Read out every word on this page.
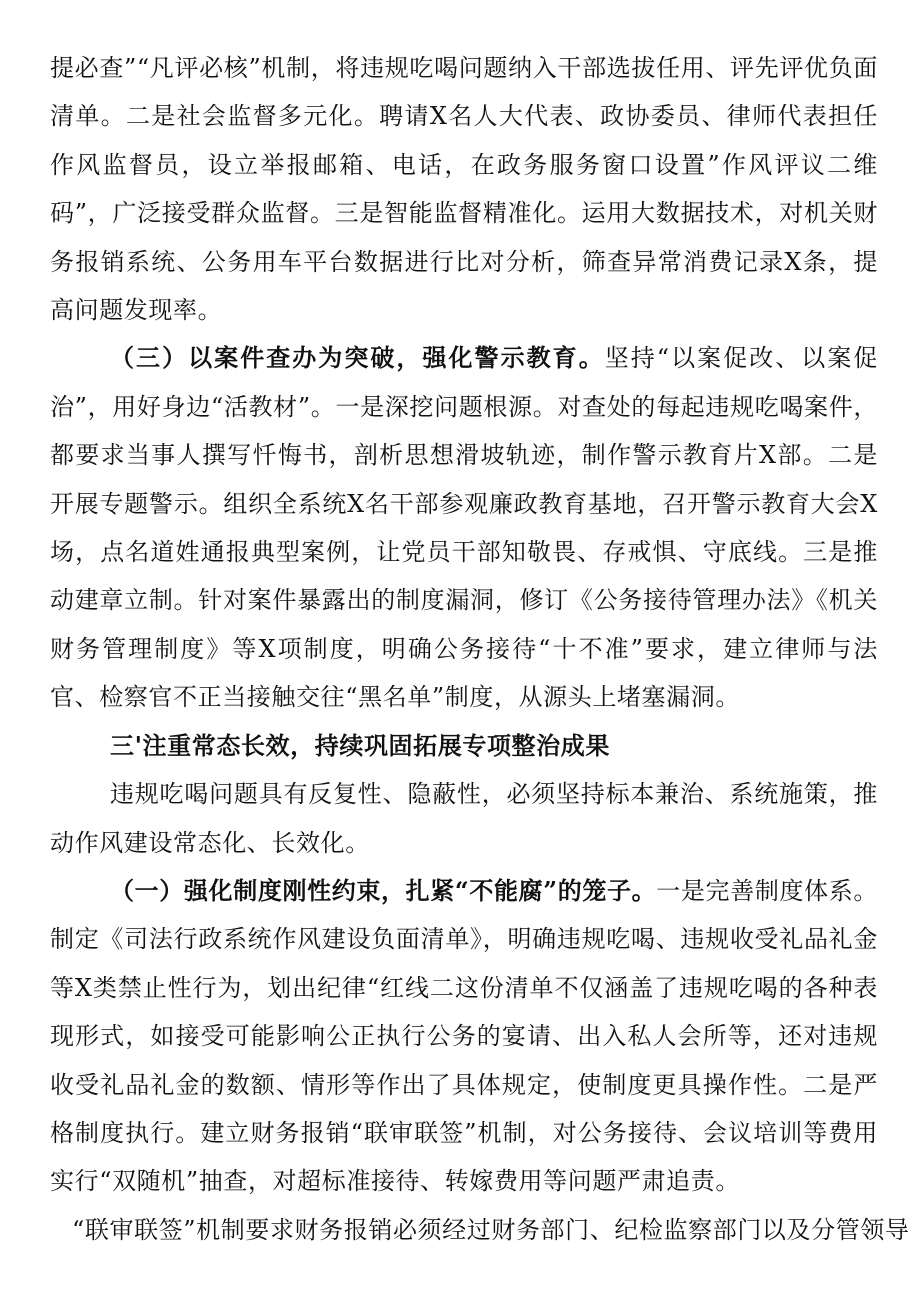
提必查”“凡评必核”机制，将违规吃喝问题纳入干部选拔任用、评先评优负面清单。二是社会监督多元化。聘请X名人大代表、政协委员、律师代表担任作风监督员，设立举报邮箱、电话，在政务服务窗口设置”作风评议二维码”，广泛接受群众监督。三是智能监督精准化。运用大数据技术，对机关财务报销系统、公务用车平台数据进行比对分析，筛查异常消费记录X条，提高问题发现率。

（三）以案件查办为突破，强化警示教育。坚持“以案促改、以案促治”，用好身边“活教材”。一是深挖问题根源。对查处的每起违规吃喝案件，都要求当事人撰写忏悔书，剖析思想滑坡轨迹，制作警示教育片X部。二是开展专题警示。组织全系统X名干部参观廉政教育基地，召开警示教育大会X场，点名道姓通报典型案例，让党员干部知敬畏、存戒惧、守底线。三是推动建章立制。针对案件暴露出的制度漏洞，修订《公务接待管理办法》《机关财务管理制度》等X项制度，明确公务接待“十不准”要求，建立律师与法官、检察官不正当接触交往“黑名单”制度，从源头上堵塞漏洞。

三'注重常态长效，持续巩固拓展专项整治成果

违规吃喝问题具有反复性、隐蔽性，必须坚持标本兼治、系统施策，推动作风建设常态化、长效化。

（一）强化制度刚性约束，扎紧“不能腐”的笼子。一是完善制度体系。制定《司法行政系统作风建设负面清单》，明确违规吃喝、违规收受礼品礼金等X类禁止性行为，划出纪律“红线二这份清单不仅涵盖了违规吃喝的各种表现形式，如接受可能影响公正执行公务的宴请、出入私人会所等，还对违规收受礼品礼金的数额、情形等作出了具体规定，使制度更具操作性。二是严格制度执行。建立财务报销“联审联签”机制，对公务接待、会议培训等费用实行“双随机”抽查，对超标准接待、转嫁费用等问题严肃追责。

“联审联签”机制要求财务报销必须经过财务部门、纪检监察部门以及分管领导
